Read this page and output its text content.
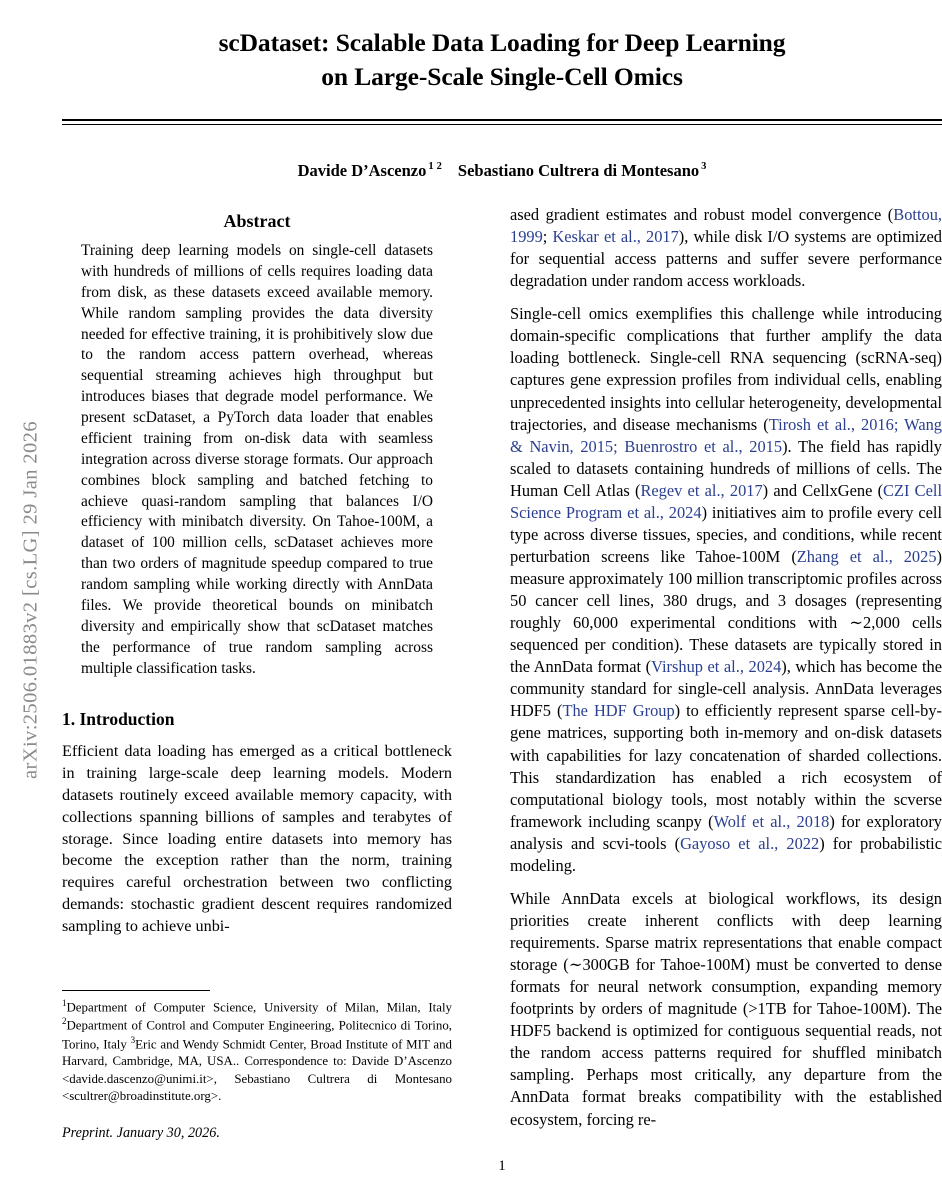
arXiv:2506.01883v2 [cs.LG] 29 Jan 2026
scDataset: Scalable Data Loading for Deep Learning
on Large-Scale Single-Cell Omics
Davide D’Ascenzo $^1$ $^2$ Sebastiano Cultrera di Montesano $^3$
Abstract

Training deep learning models on single-cell datasets with hundreds of millions of cells requires loading data from disk, as these datasets exceed available memory. While random sampling provides the data diversity needed for effective training, it is prohibitively slow due to the random access pattern overhead, whereas sequential streaming achieves high throughput but introduces biases that degrade model performance. We present scDataset, a PyTorch data loader that enables efficient training from on-disk data with seamless integration across diverse storage formats. Our approach combines block sampling and batched fetching to achieve quasi-random sampling that balances I/O efficiency with minibatch diversity. On Tahoe-100M, a dataset of 100 million cells, scDataset achieves more than two orders of magnitude speedup compared to true random sampling while working directly with AnnData files. We provide theoretical bounds on minibatch diversity and empirically show that scDataset matches the performance of true random sampling across multiple classification tasks.

1. Introduction

Efficient data loading has emerged as a critical bottleneck in training large-scale deep learning models. Modern datasets routinely exceed available memory capacity, with collections spanning billions of samples and terabytes of storage. Since loading entire datasets into memory has become the exception rather than the norm, training requires careful orchestration between two conflicting demands: stochastic gradient descent requires randomized sampling to achieve unbi-

ased gradient estimates and robust model convergence (Bottou, 1999; Keskar et al., 2017), while disk I/O systems are optimized for sequential access patterns and suffer severe performance degradation under random access workloads.

Single-cell omics exemplifies this challenge while introducing domain-specific complications that further amplify the data loading bottleneck. Single-cell RNA sequencing (scRNA-seq) captures gene expression profiles from individual cells, enabling unprecedented insights into cellular heterogeneity, developmental trajectories, and disease mechanisms (Tirosh et al., 2016; Wang & Navin, 2015; Buenrostro et al., 2015). The field has rapidly scaled to datasets containing hundreds of millions of cells. The Human Cell Atlas (Regev et al., 2017) and CellxGene (CZI Cell Science Program et al., 2024) initiatives aim to profile every cell type across diverse tissues, species, and conditions, while recent perturbation screens like Tahoe-100M (Zhang et al., 2025) measure approximately 100 million transcriptomic profiles across 50 cancer cell lines, 380 drugs, and 3 dosages (representing roughly 60,000 experimental conditions with ∼2,000 cells sequenced per condition). These datasets are typically stored in the AnnData format (Virshup et al., 2024), which has become the community standard for single-cell analysis. AnnData leverages HDF5 (The HDF Group) to efficiently represent sparse cell-by-gene matrices, supporting both in-memory and on-disk datasets with capabilities for lazy concatenation of sharded collections. This standardization has enabled a rich ecosystem of computational biology tools, most notably within the scverse framework including scanpy (Wolf et al., 2018) for exploratory analysis and scvi-tools (Gayoso et al., 2022) for probabilistic modeling.

While AnnData excels at biological workflows, its design priorities create inherent conflicts with deep learning requirements. Sparse matrix representations that enable compact storage (∼300GB for Tahoe-100M) must be converted to dense formats for neural network consumption, expanding memory footprints by orders of magnitude (>1TB for Tahoe-100M). The HDF5 backend is optimized for contiguous sequential reads, not the random access patterns required for shuffled minibatch sampling. Perhaps most critically, any departure from the AnnData format breaks compatibility with the established ecosystem, forcing re-

$^1$Department of Computer Science, University of Milan, Milan, Italy $^2$Department of Control and Computer Engineering, Politecnico di Torino, Torino, Italy $^3$Eric and Wendy Schmidt Center, Broad Institute of MIT and Harvard, Cambridge, MA, USA.. Correspondence to: Davide D’Ascenzo <davide.dascenzo@unimi.it>, Sebastiano Cultrera di Montesano <scultrer@broadinstitute.org>.

Preprint. January 30, 2026.
1
